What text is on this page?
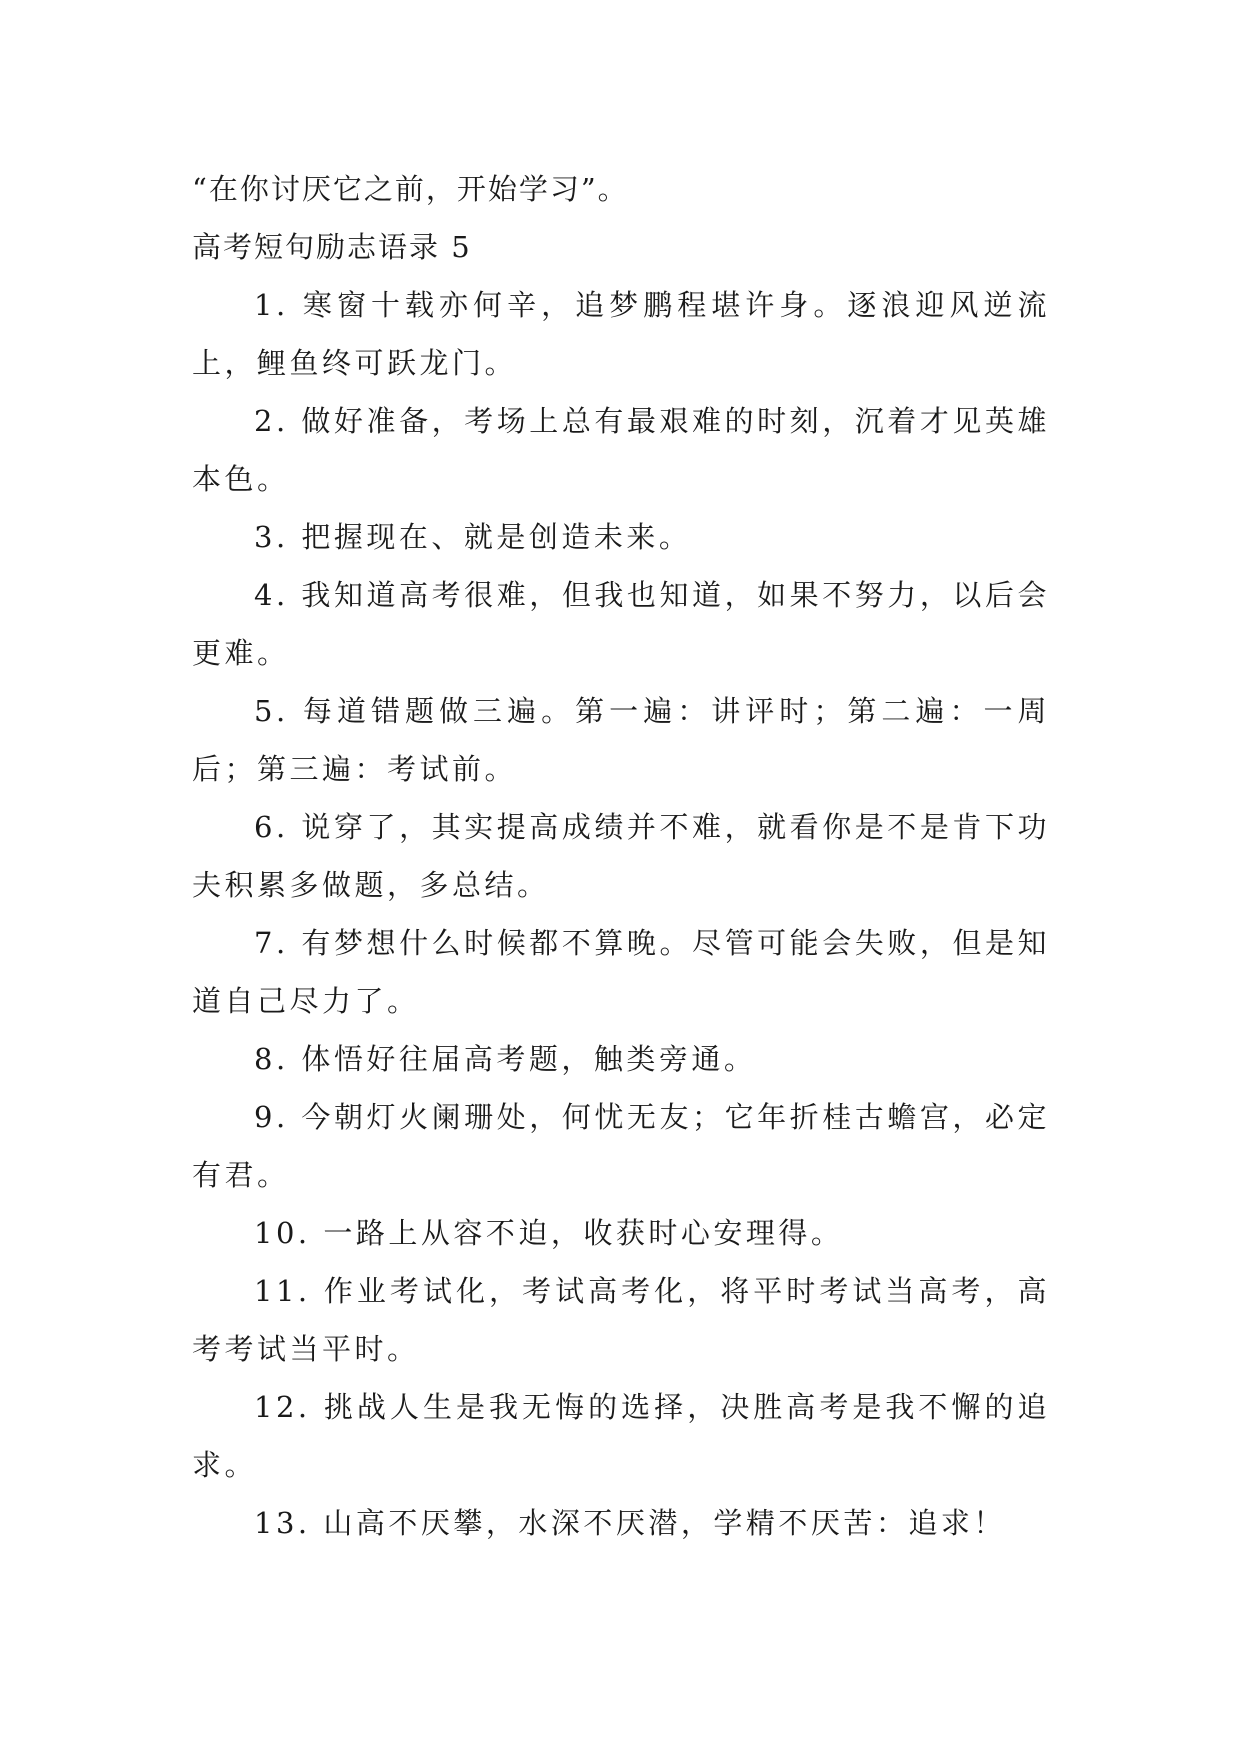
“在你讨厌它之前，开始学习”。

高考短句励志语录 5

1. 寒窗十载亦何辛，追梦鹏程堪许身。逐浪迎风逆流上，鲤鱼终可跃龙门。

2. 做好准备，考场上总有最艰难的时刻，沉着才见英雄本色。

3. 把握现在、就是创造未来。

4. 我知道高考很难，但我也知道，如果不努力，以后会更难。

5. 每道错题做三遍。第一遍：讲评时；第二遍：一周后；第三遍：考试前。

6. 说穿了，其实提高成绩并不难，就看你是不是肯下功夫积累多做题，多总结。

7. 有梦想什么时候都不算晚。尽管可能会失败，但是知道自己尽力了。

8. 体悟好往届高考题，触类旁通。

9. 今朝灯火阑珊处，何忧无友；它年折桂古蟾宫，必定有君。

10. 一路上从容不迫，收获时心安理得。

11. 作业考试化，考试高考化，将平时考试当高考，高考考试当平时。

12. 挑战人生是我无悔的选择，决胜高考是我不懈的追求。

13. 山高不厌攀，水深不厌潜，学精不厌苦：追求！
